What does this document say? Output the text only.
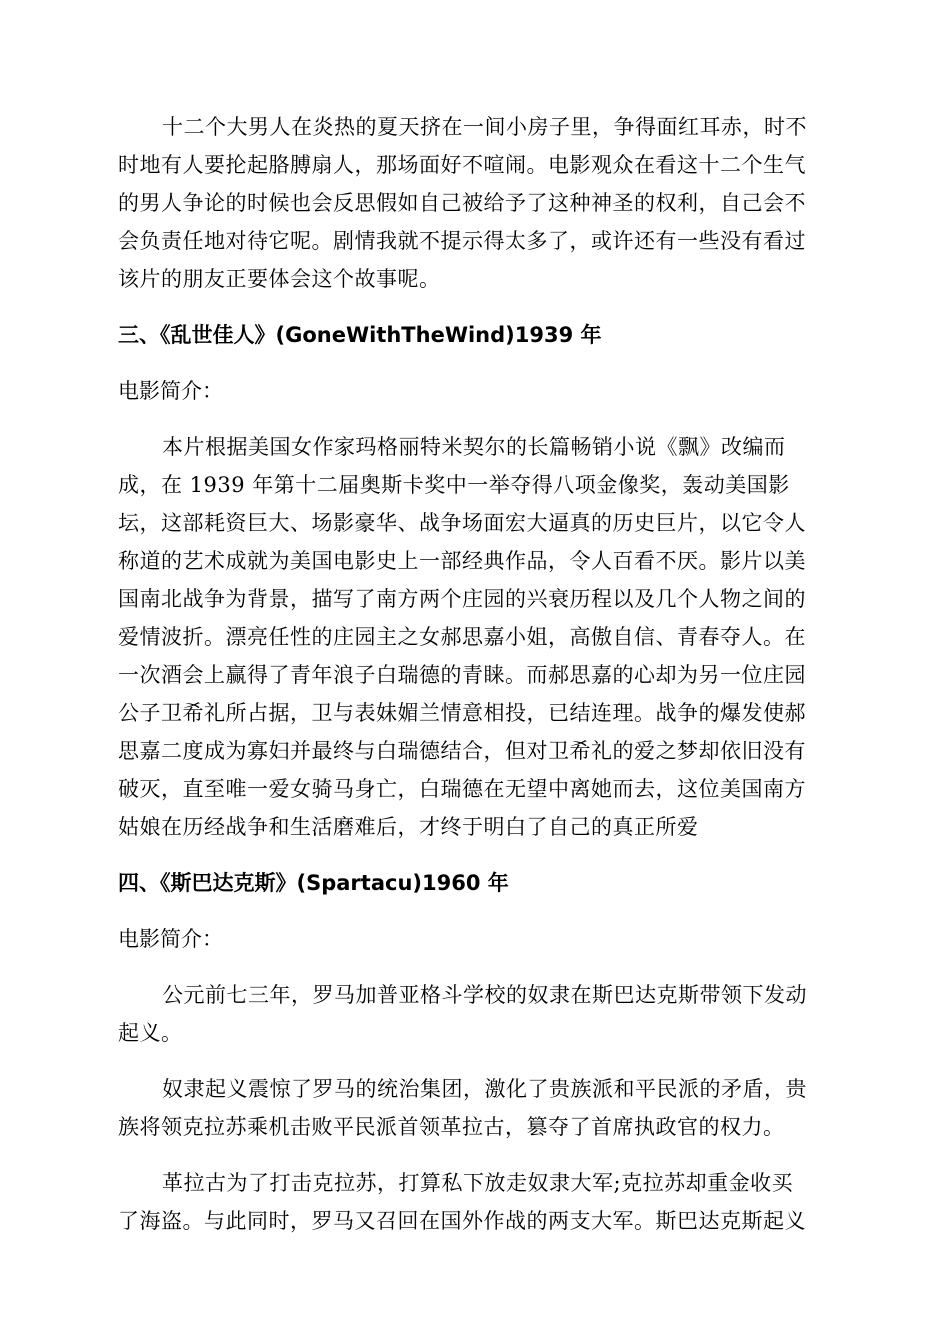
十二个大男人在炎热的夏天挤在一间小房子里，争得面红耳赤，时不
时地有人要抡起胳膊扇人，那场面好不喧闹。电影观众在看这十二个生气
的男人争论的时候也会反思假如自己被给予了这种神圣的权利，自己会不
会负责任地对待它呢。剧情我就不提示得太多了，或许还有一些没有看过
该片的朋友正要体会这个故事呢。

三、《乱世佳人》(GoneWithTheWind)1939 年

电影简介：

本片根据美国女作家玛格丽特米契尔的长篇畅销小说《飘》改编而
成，在 1939 年第十二届奥斯卡奖中一举夺得八项金像奖，轰动美国影
坛，这部耗资巨大、场影豪华、战争场面宏大逼真的历史巨片，以它令人
称道的艺术成就为美国电影史上一部经典作品，令人百看不厌。影片以美
国南北战争为背景，描写了南方两个庄园的兴衰历程以及几个人物之间的
爱情波折。漂亮任性的庄园主之女郝思嘉小姐，高傲自信、青春夺人。在
一次酒会上赢得了青年浪子白瑞德的青睐。而郝思嘉的心却为另一位庄园
公子卫希礼所占据，卫与表妹媚兰情意相投，已结连理。战争的爆发使郝
思嘉二度成为寡妇并最终与白瑞德结合，但对卫希礼的爱之梦却依旧没有
破灭，直至唯一爱女骑马身亡，白瑞德在无望中离她而去，这位美国南方
姑娘在历经战争和生活磨难后，才终于明白了自己的真正所爱

四、《斯巴达克斯》(Spartacu)1960 年

电影简介：

公元前七三年，罗马加普亚格斗学校的奴隶在斯巴达克斯带领下发动
起义。

奴隶起义震惊了罗马的统治集团，激化了贵族派和平民派的矛盾，贵
族将领克拉苏乘机击败平民派首领革拉古，篡夺了首席执政官的权力。

革拉古为了打击克拉苏，打算私下放走奴隶大军;克拉苏却重金收买
了海盗。与此同时，罗马又召回在国外作战的两支大军。斯巴达克斯起义
